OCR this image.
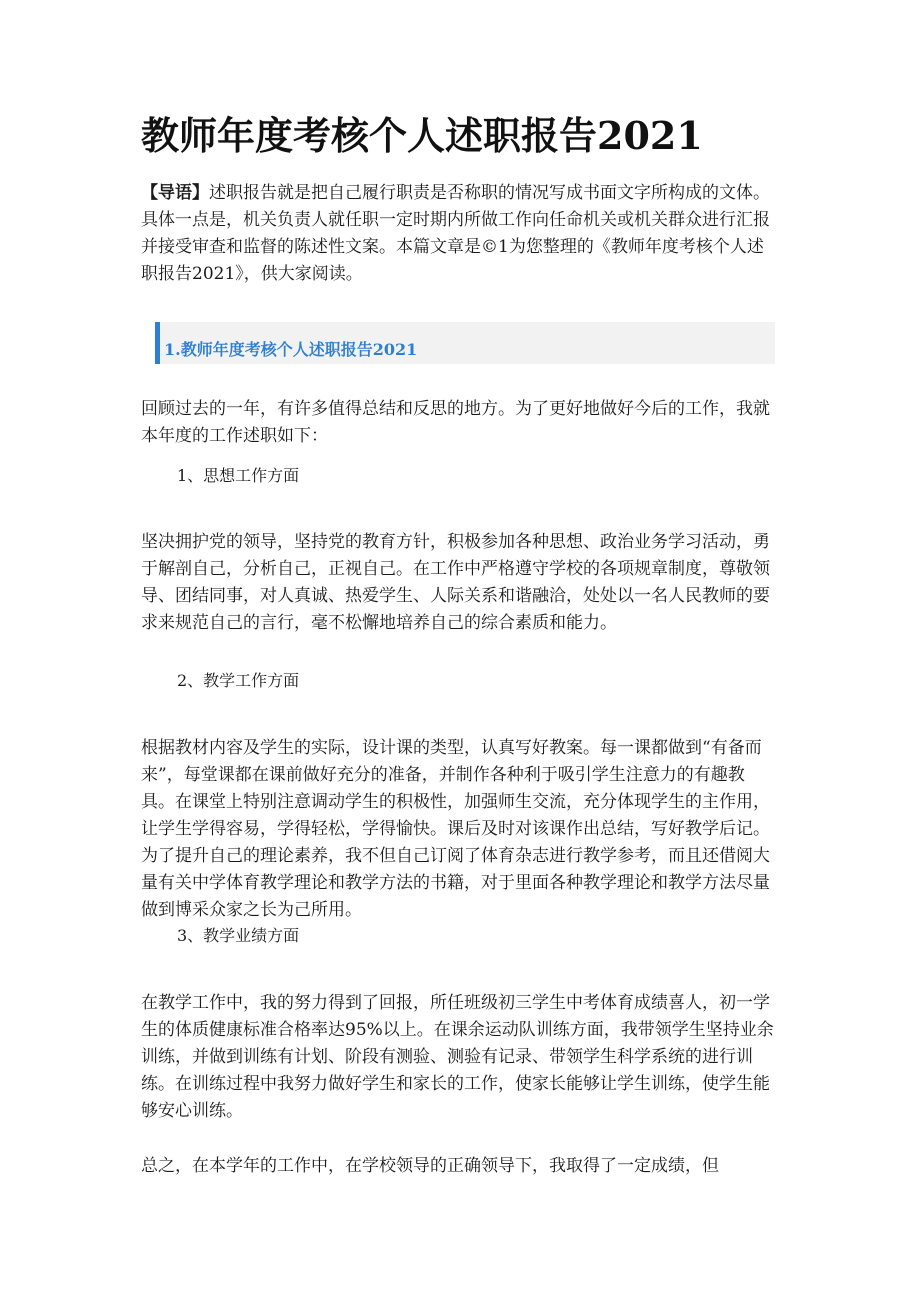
教师年度考核个人述职报告2021

【导语】述职报告就是把自己履行职责是否称职的情况写成书面文字所构成的文体。具体一点是，机关负责人就任职一定时期内所做工作向任命机关或机关群众进行汇报并接受审查和监督的陈述性文案。本篇文章是©1为您整理的《教师年度考核个人述职报告2021》，供大家阅读。

1.教师年度考核个人述职报告2021

回顾过去的一年，有许多值得总结和反思的地方。为了更好地做好今后的工作，我就本年度的工作述职如下：

1、思想工作方面

坚决拥护党的领导，坚持党的教育方针，积极参加各种思想、政治业务学习活动，勇于解剖自己，分析自己，正视自己。在工作中严格遵守学校的各项规章制度，尊敬领导、团结同事，对人真诚、热爱学生、人际关系和谐融洽，处处以一名人民教师的要求来规范自己的言行，毫不松懈地培养自己的综合素质和能力。

2、教学工作方面

根据教材内容及学生的实际，设计课的类型，认真写好教案。每一课都做到“有备而来”，每堂课都在课前做好充分的准备，并制作各种利于吸引学生注意力的有趣教具。在课堂上特别注意调动学生的积极性，加强师生交流，充分体现学生的主作用，让学生学得容易，学得轻松，学得愉快。课后及时对该课作出总结，写好教学后记。为了提升自己的理论素养，我不但自己订阅了体育杂志进行教学参考，而且还借阅大量有关中学体育教学理论和教学方法的书籍，对于里面各种教学理论和教学方法尽量做到博采众家之长为己所用。

3、教学业绩方面

在教学工作中，我的努力得到了回报，所任班级初三学生中考体育成绩喜人，初一学生的体质健康标准合格率达95%以上。在课余运动队训练方面，我带领学生坚持业余训练，并做到训练有计划、阶段有测验、测验有记录、带领学生科学系统的进行训练。在训练过程中我努力做好学生和家长的工作，使家长能够让学生训练，使学生能够安心训练。

总之，在本学年的工作中，在学校领导的正确领导下，我取得了一定成绩，但
